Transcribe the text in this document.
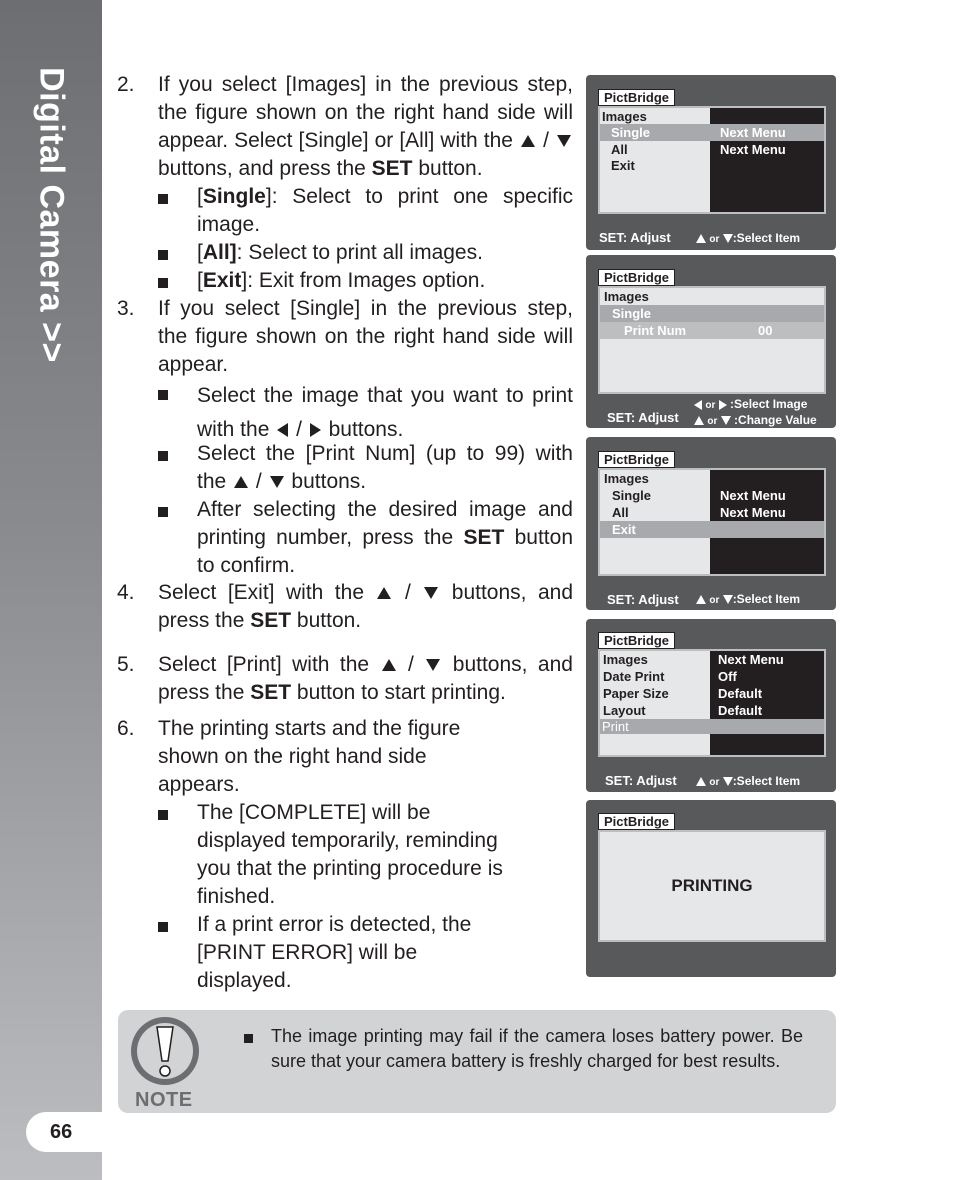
Digital Camera >>
66
2. If you select [Images] in the previous step, the figure shown on the right hand side will appear. Select [Single] or [All] with the /  buttons, and press the SET button.
[Single]: Select to print one specific image.
[All]: Select to print all images.
[Exit]: Exit from Images option.
3. If you select [Single] in the previous step, the figure shown on the right hand side will appear.
Select the image that you want to print with the / buttons.
Select the [Print Num] (up to 99) with the / buttons.
After selecting the desired image and printing number, press the SET button to confirm.
4. Select [Exit] with the / buttons, and press the SET button.
5. Select [Print] with the / buttons, and press the SET button to start printing.
6. The printing starts and the figure shown on the right hand side appears.
The [COMPLETE] will be displayed temporarily, reminding you that the printing procedure is finished.
If a print error is detected, the [PRINT ERROR] will be displayed.
PictBridge
Images
Single	Next Menu
All	Next Menu
Exit
SET: Adjust	or :Select Item
PictBridge
Images
Single
Print Num	00
or :Select Image
SET: Adjust	or :Change Value
PictBridge
Images
Single	Next Menu
All	Next Menu
Exit
SET: Adjust	or :Select Item
PictBridge
Images	Next Menu
Date Print	Off
Paper Size	Default
Layout	Default
Print
SET: Adjust	or :Select Item
PictBridge
PRINTING
NOTE
The image printing may fail if the camera loses battery power. Be sure that your camera battery is freshly charged for best results.
